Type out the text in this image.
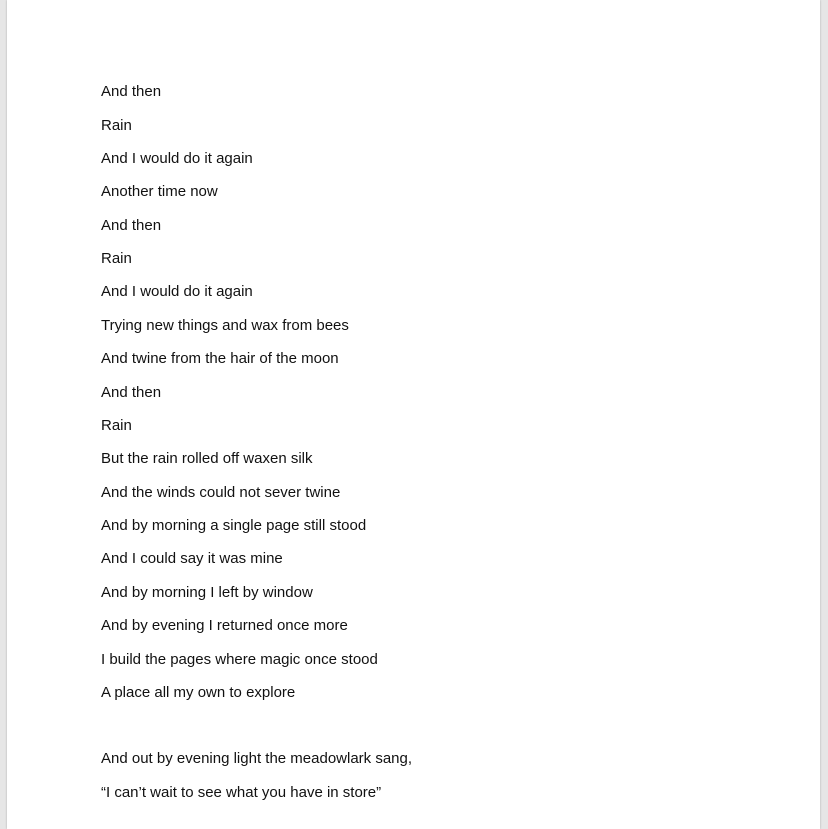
And then
Rain
And I would do it again
Another time now
And then
Rain
And I would do it again
Trying new things and wax from bees
And twine from the hair of the moon
And then
Rain
But the rain rolled off waxen silk
And the winds could not sever twine
And by morning a single page still stood
And I could say it was mine
And by morning I left by window
And by evening I returned once more
I build the pages where magic once stood
A place all my own to explore
And out by evening light the meadowlark sang,
“I can’t wait to see what you have in store”
